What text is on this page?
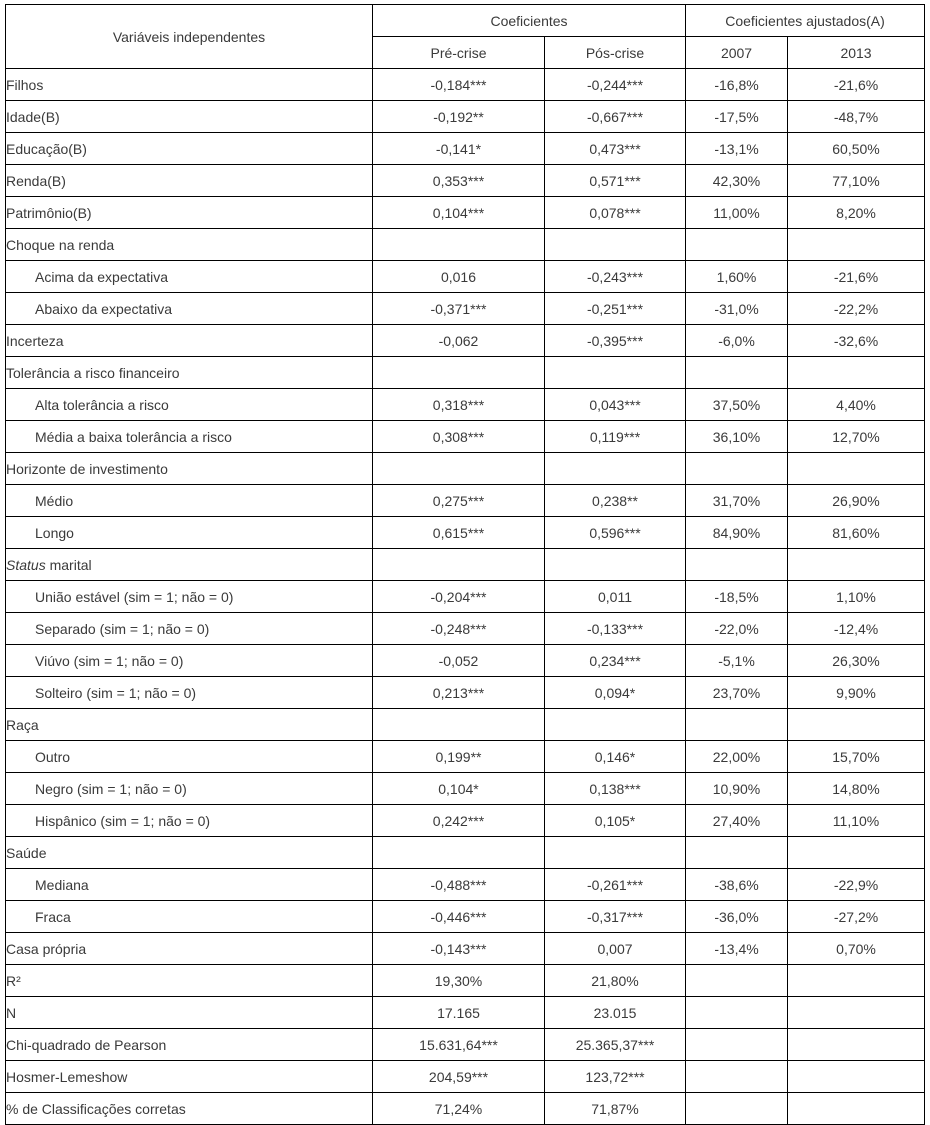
Variáveis independentes	Coeficientes		Coeficientes ajustados(A)	
	Pré-crise	Pós-crise	2007	2013
Filhos	-0,184***	-0,244***	-16,8%	-21,6%
Idade(B)	-0,192**	-0,667***	-17,5%	-48,7%
Educação(B)	-0,141*	0,473***	-13,1%	60,50%
Renda(B)	0,353***	0,571***	42,30%	77,10%
Patrimônio(B)	0,104***	0,078***	11,00%	8,20%
Choque na renda				
Acima da expectativa	0,016	-0,243***	1,60%	-21,6%
Abaixo da expectativa	-0,371***	-0,251***	-31,0%	-22,2%
Incerteza	-0,062	-0,395***	-6,0%	-32,6%
Tolerância a risco financeiro				
Alta tolerância a risco	0,318***	0,043***	37,50%	4,40%
Média a baixa tolerância a risco	0,308***	0,119***	36,10%	12,70%
Horizonte de investimento				
Médio	0,275***	0,238**	31,70%	26,90%
Longo	0,615***	0,596***	84,90%	81,60%
Status marital				
União estável (sim = 1; não = 0)	-0,204***	0,011	-18,5%	1,10%
Separado (sim = 1; não = 0)	-0,248***	-0,133***	-22,0%	-12,4%
Viúvo (sim = 1; não = 0)	-0,052	0,234***	-5,1%	26,30%
Solteiro (sim = 1; não = 0)	0,213***	0,094*	23,70%	9,90%
Raça				
Outro	0,199**	0,146*	22,00%	15,70%
Negro (sim = 1; não = 0)	0,104*	0,138***	10,90%	14,80%
Hispânico (sim = 1; não = 0)	0,242***	0,105*	27,40%	11,10%
Saúde				
Mediana	-0,488***	-0,261***	-38,6%	-22,9%
Fraca	-0,446***	-0,317***	-36,0%	-27,2%
Casa própria	-0,143***	0,007	-13,4%	0,70%
R²	19,30%	21,80%		
N	17.165	23.015		
Chi-quadrado de Pearson	15.631,64***	25.365,37***		
Hosmer-Lemeshow	204,59***	123,72***		
% de Classificações corretas	71,24%	71,87%		
